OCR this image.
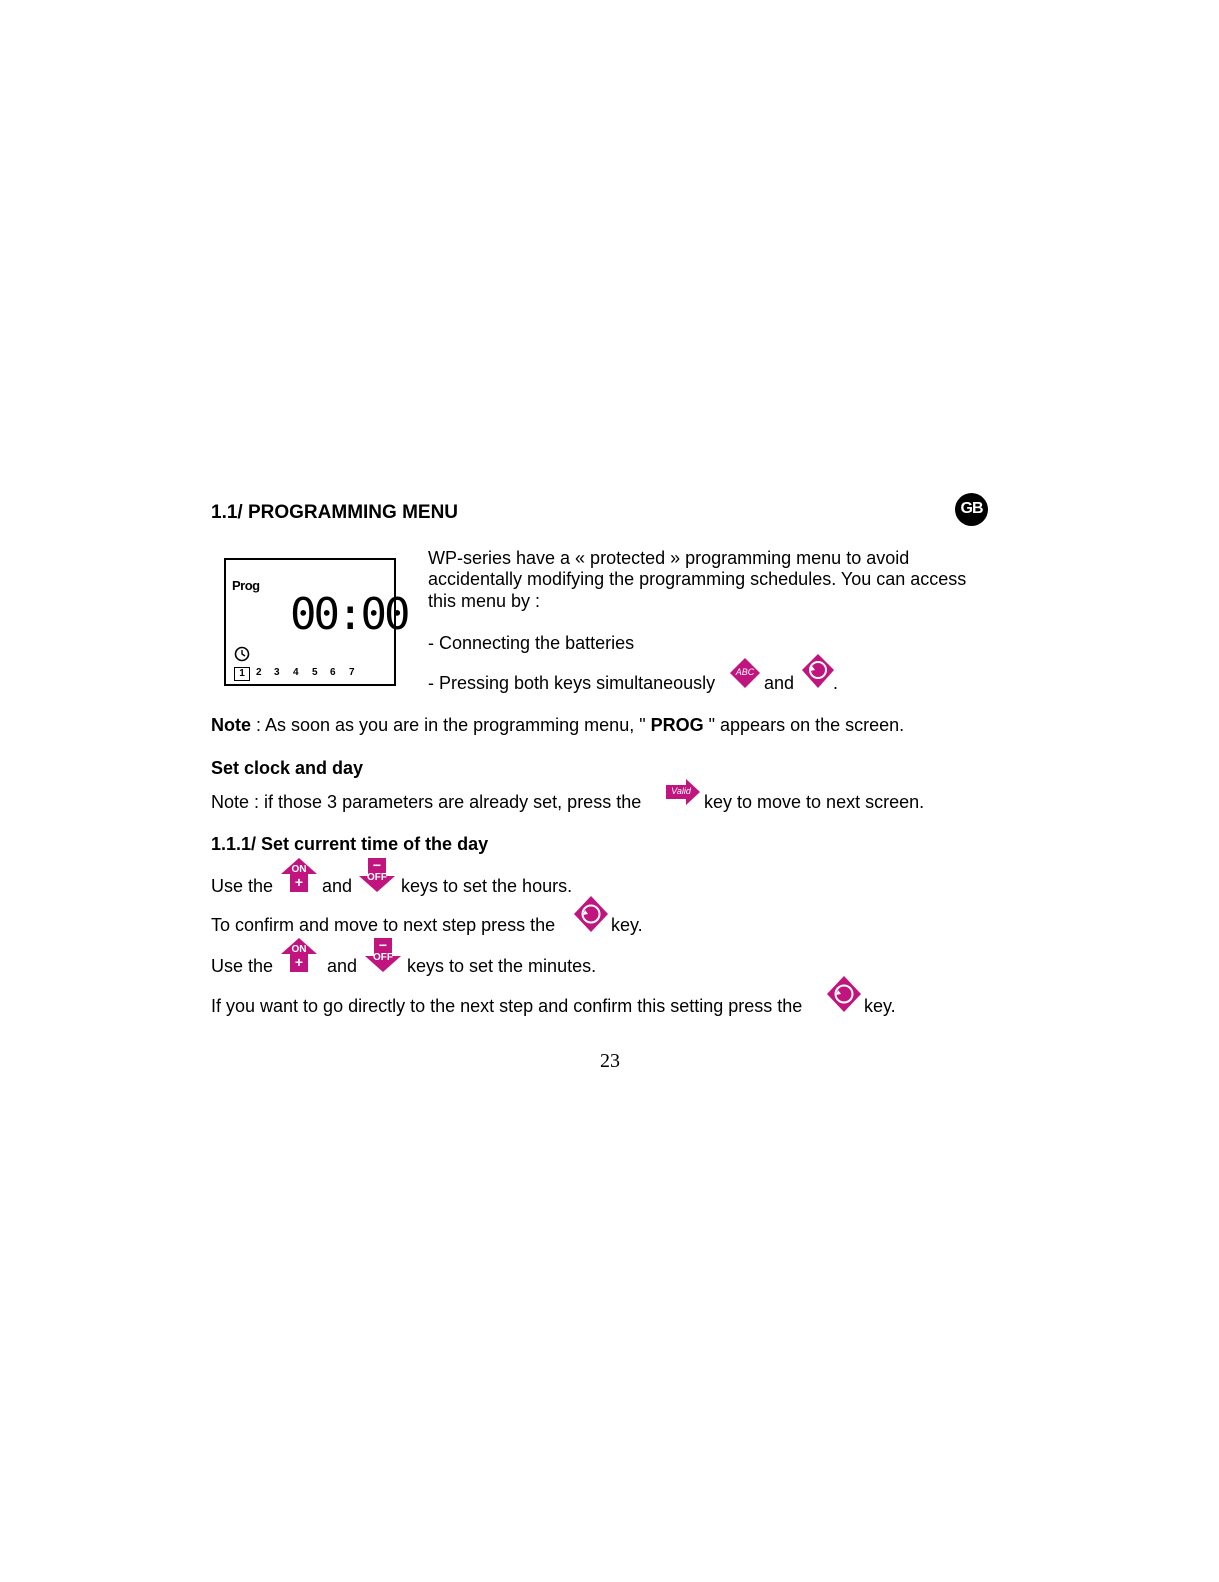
1.1/ PROGRAMMING MENU	GB
Prog
00:00
1	2 3 4 5 6 7
WP-series have a « protected » programming menu to avoid
accidentally modifying the programming schedules. You can access
this menu by :
- Connecting the batteries
- Pressing both keys simultaneously
ABC
and .
Note : As soon as you are in the programming menu, " PROG " appears on the screen.
Set clock and day
Note : if those 3 parameters are already set, press the
Valid
key to move to next screen.
1.1.1/ Set current time of the day
Use the
ON
+	and
−
OFF keys to set the hours.
To confirm and move to next step press the	key.
Use the
ON
+	and
−
OFF keys to set the minutes.
If you want to go directly to the next step and confirm this setting press the	key.
23
